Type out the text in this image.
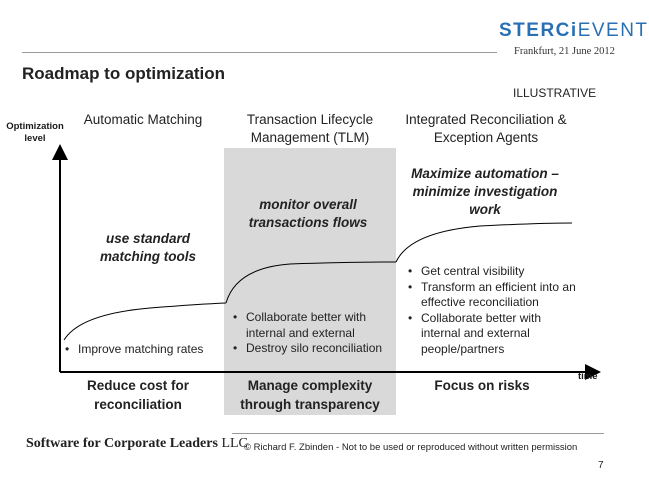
STERCiEVENT
Frankfurt, 21 June 2012
Roadmap to optimization
ILLUSTRATIVE
Optimization level
time
Automatic Matching	Transaction Lifecycle Management (TLM)
Integrated Reconciliation & Exception Agents
use standard matching tools
monitor overall transactions flows
Maximize automation – minimize investigation work
• Improve matching rates
• Collaborate better with internal and external
• Destroy silo reconciliation
• Get central visibility
• Transform an efficient into an effective reconciliation
• Collaborate better with internal and external people/partners
Reduce cost for reconciliation
Manage complexity through transparency
Focus on risks
Software for Corporate Leaders LLC
© Richard F. Zbinden - Not to be used or reproduced without written permission
7
